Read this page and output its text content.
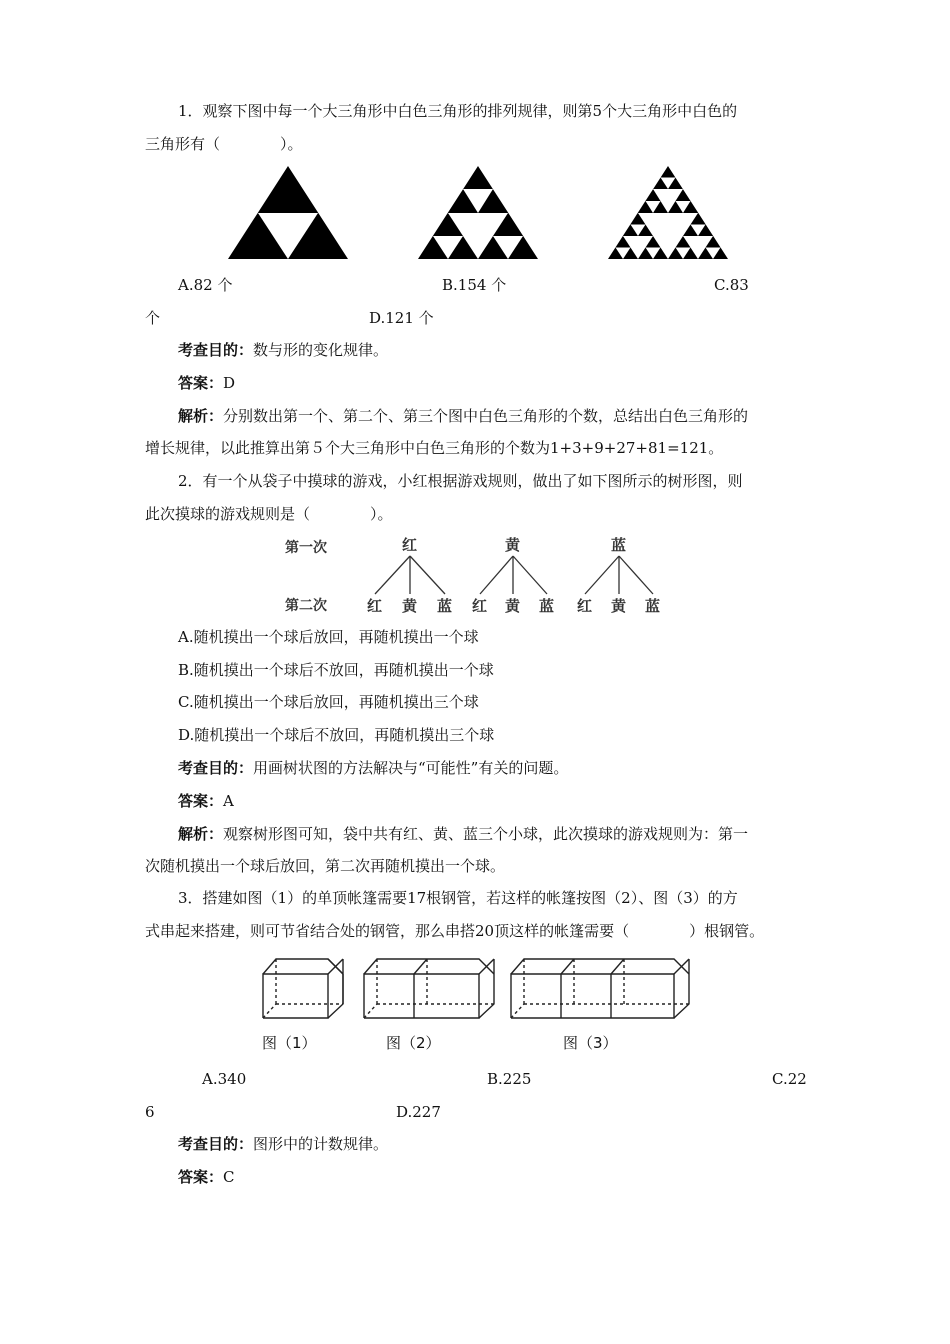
1．观察下图中每一个大三角形中白色三角形的排列规律，则第5个大三角形中白色的
三角形有（　　　　）。
A.82 个	B.154 个	C.83
个	D.121 个
考查目的：数与形的变化规律。
答案：D
解析：分别数出第一个、第二个、第三个图中白色三角形的个数，总结出白色三角形的
增长规律，以此推算出第５个大三角形中白色三角形的个数为1+3+9+27+81=121。
2．有一个从袋子中摸球的游戏，小红根据游戏规则，做出了如下图所示的树形图，则
此次摸球的游戏规则是（　　　　）。
第一次
第二次
红	黄	蓝
红 黄 蓝 红 黄 蓝 红 黄 蓝
A.随机摸出一个球后放回，再随机摸出一个球
B.随机摸出一个球后不放回，再随机摸出一个球
C.随机摸出一个球后放回，再随机摸出三个球
D.随机摸出一个球后不放回，再随机摸出三个球
考查目的：用画树状图的方法解决与“可能性”有关的问题。
答案：A
解析：观察树形图可知，袋中共有红、黄、蓝三个小球，此次摸球的游戏规则为：第一
次随机摸出一个球后放回，第二次再随机摸出一个球。
3．搭建如图（1）的单顶帐篷需要17根钢管，若这样的帐篷按图（2）、图（3）的方
式串起来搭建，则可节省结合处的钢管，那么串搭20顶这样的帐篷需要（　　　　）根钢管。
图（1）	图（2）	图（3）
A.340	B.225	C.22
6	D.227
考查目的：图形中的计数规律。
答案：C
